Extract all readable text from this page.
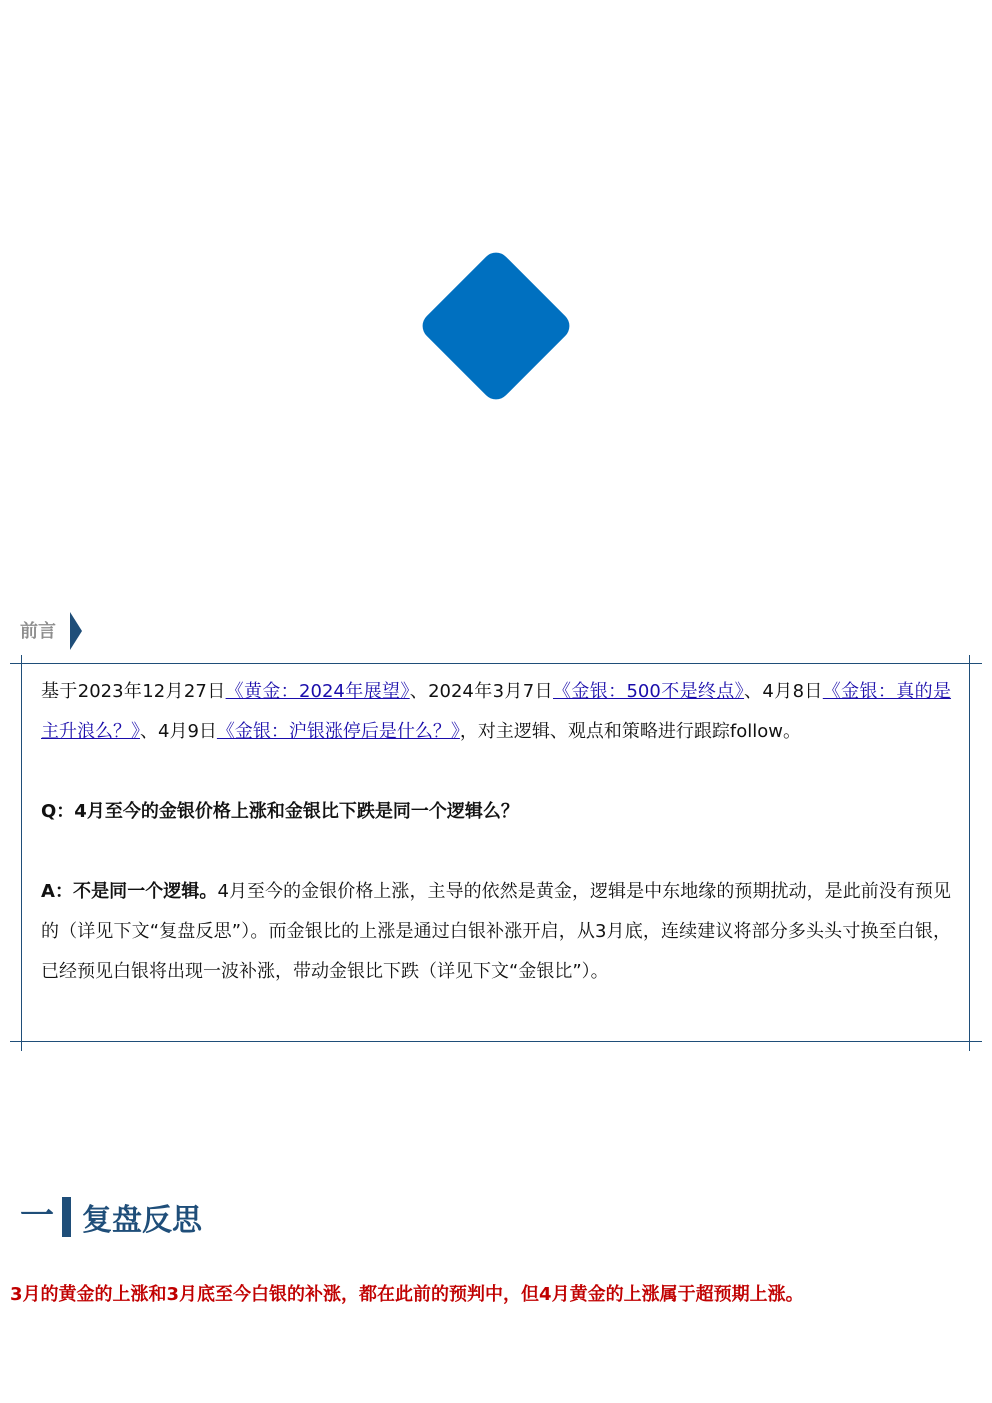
前言

基于2023年12月27日《黄金：2024年展望》、2024年3月7日《金银：500不是终点》、4月8日《金银：真的是主升浪么？》、4月9日《金银：沪银涨停后是什么？》，对主逻辑、观点和策略进行跟踪follow。

Q：4月至今的金银价格上涨和金银比下跌是同一个逻辑么？

A：不是同一个逻辑。4月至今的金银价格上涨，主导的依然是黄金，逻辑是中东地缘的预期扰动，是此前没有预见的（详见下文“复盘反思”）。而金银比的上涨是通过白银补涨开启，从3月底，连续建议将部分多头头寸换至白银，已经预见白银将出现一波补涨，带动金银比下跌（详见下文“金银比”）。

一 复盘反思
3月的黄金的上涨和3月底至今白银的补涨，都在此前的预判中，但4月黄金的上涨属于超预期上涨。
